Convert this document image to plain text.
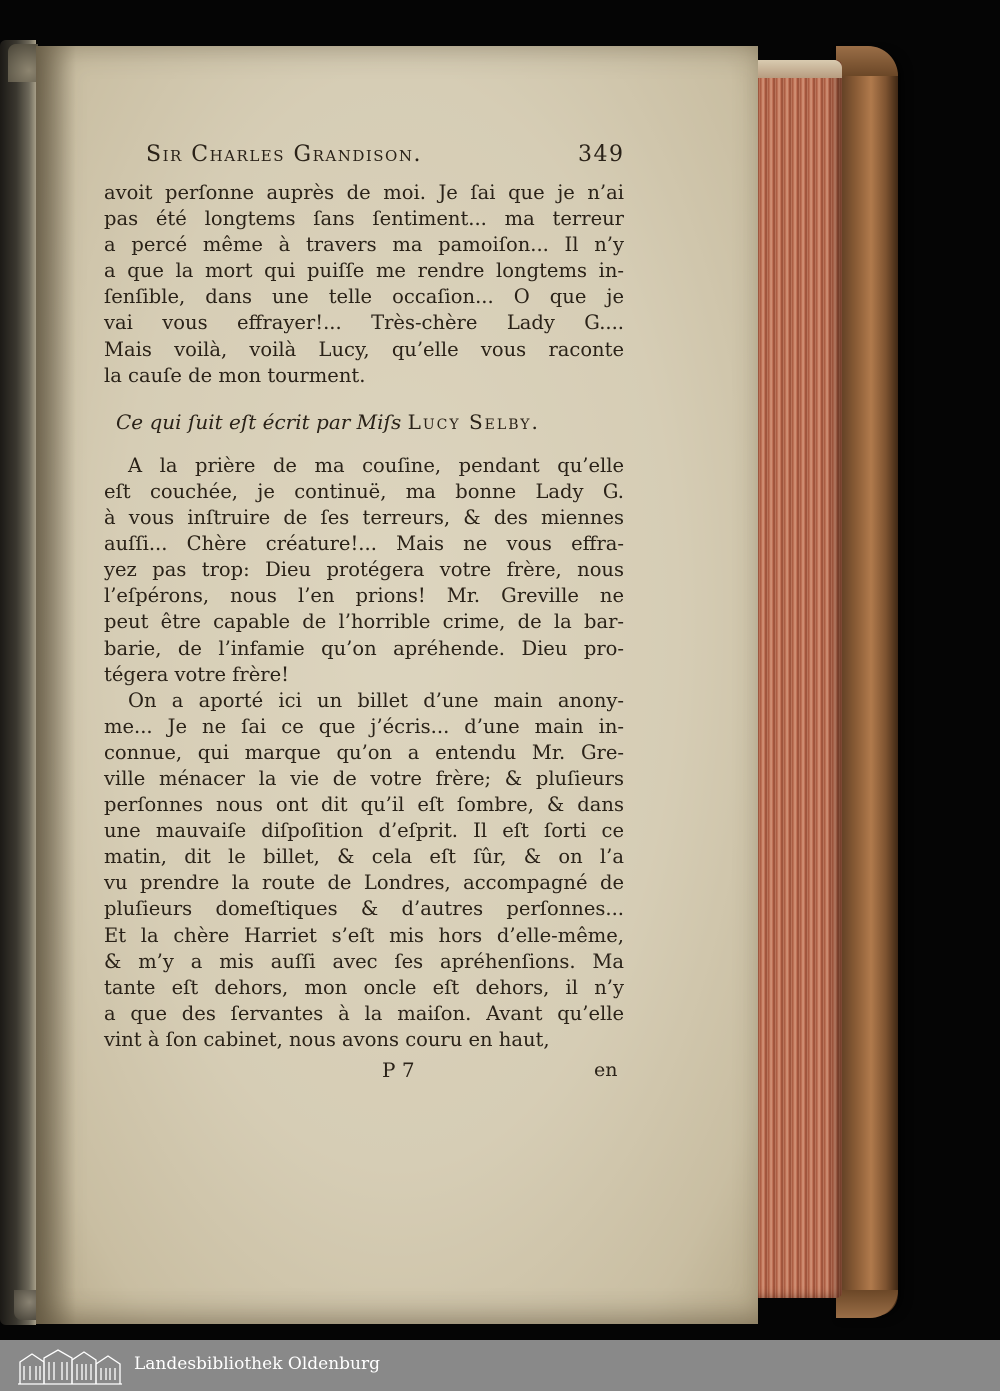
Sir Charles Grandison.	349
avoit perſonne auprès de moi. Je ſai que je n’ai
pas été longtems ſans ſentiment... ma terreur
a percé même à travers ma pamoiſon... Il n’y
a que la mort qui puiſſe me rendre longtems in-
ſenſible, dans une telle occaſion... O que je
vai vous effrayer!... Très-chère Lady G....
Mais voilà, voilà Lucy, qu’elle vous raconte
la cauſe de mon tourment.
Ce qui ſuit eſt écrit par Miſs Lucy Selby.
A la prière de ma couſine, pendant qu’elle
eſt couchée, je continuë, ma bonne Lady G.
à vous inſtruire de ſes terreurs, & des miennes
auſſi... Chère créature!... Mais ne vous effra-
yez pas trop: Dieu protégera votre frère, nous
l’eſpérons, nous l’en prions! Mr. Greville ne
peut être capable de l’horrible crime, de la bar-
barie, de l’infamie qu’on apréhende. Dieu pro-
tégera votre frère!
On a aporté ici un billet d’une main anony-
me... Je ne ſai ce que j’écris... d’une main in-
connue, qui marque qu’on a entendu Mr. Gre-
ville ménacer la vie de votre frère; & pluſieurs
perſonnes nous ont dit qu’il eſt ſombre, & dans
une mauvaiſe diſpoſition d’eſprit. Il eſt ſorti ce
matin, dit le billet, & cela eſt ſûr, & on l’a
vu prendre la route de Londres, accompagné de
pluſieurs domeſtiques & d’autres perſonnes...
Et la chère Harriet s’eſt mis hors d’elle-même,
& m’y a mis auſſi avec ſes apréhenſions. Ma
tante eſt dehors, mon oncle eſt dehors, il n’y
a que des ſervantes à la maiſon. Avant qu’elle
vint à ſon cabinet, nous avons couru en haut,
P 7	en
Landesbibliothek Oldenburg
